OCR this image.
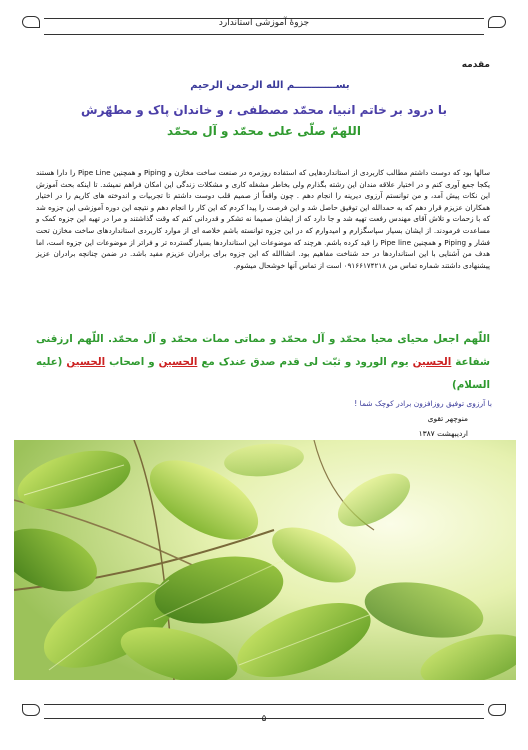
جزوهٔ آموزشی استاندارد
مقدمه
بســــــــــــم الله الرحمن الرحیم
با درود بر خاتم انبیا، محمّد مصطفی ، و خاندان پاک و مطهّرش
اللهمّ صلّی علی محمّد و آل محمّد
سالها بود که دوست داشتم مطالب کاربردی از استانداردهایی که استفاده روزمره در صنعت ساخت مخازن و Piping و همچنین Pipe Line را دارا هستند یکجا جمع آوری کنم و در اختیار علاقه مندان این رشته بگذارم ولی بخاطر مشغله کاری و مشکلات زندگی این امکان فراهم نمیشد. تا اینکه بحث آموزش این نکات پیش آمد، و من توانستم آرزوی دیرینه را انجام دهم . چون واقعاً از صمیم قلب دوست داشتم تا تجربیات و اندوخته های کاریم را در اختیار همکاران عزیزم قرار دهم که به حمدالله این توفیق حاصل شد و این فرصت را پیدا کردم که این کار را انجام دهم و نتیجه این دوره آموزشی این جزوه شد که با زحمات و تلاش آقای مهندس رفعت تهیه شد و جا دارد که از ایشان صمیما نه تشکر و قدردانی کنم که وقت گذاشتند و مرا در تهیه این جزوه کمک و مساعدت فرمودند. از ایشان بسیار سپاسگزارم و امیدوارم که در این جزوه توانسته باشم خلاصه ای از موارد کاربردی استانداردهای ساخت مخازن تحت فشار و Piping و همچنین Pipe line را قید کرده باشم. هرچند که موضوعات این استانداردها بسیار گسترده تر و فراتر از موضوعات این جزوه است، اما هدف من آشنایی با این استانداردها در حد شناخت مفاهیم بود. انشاالله که این جزوه برای برادران عزیزم مفید باشد. در ضمن چنانچه برادران عزیز پیشنهادی داشتند شماره تماس من ۰۹۱۶۶۱۷۴۲۱۸ است از تماس آنها خوشحال میشوم.
اللّهم اجعل محیای محیا محمّد و آل محمّد و مماتی ممات محمّد و آل محمّد. اللّهم ارزقنی شفاعة الحسین یوم الورود و ثبّت لی قدم صدق عندک مع الحسین و اصحاب الحسین (علیه السلام)
با آرزوی توفیق روزافزون برادر کوچک شما !
منوچهر تقوی
اردیبهشت ۱۳۸۷
۵
